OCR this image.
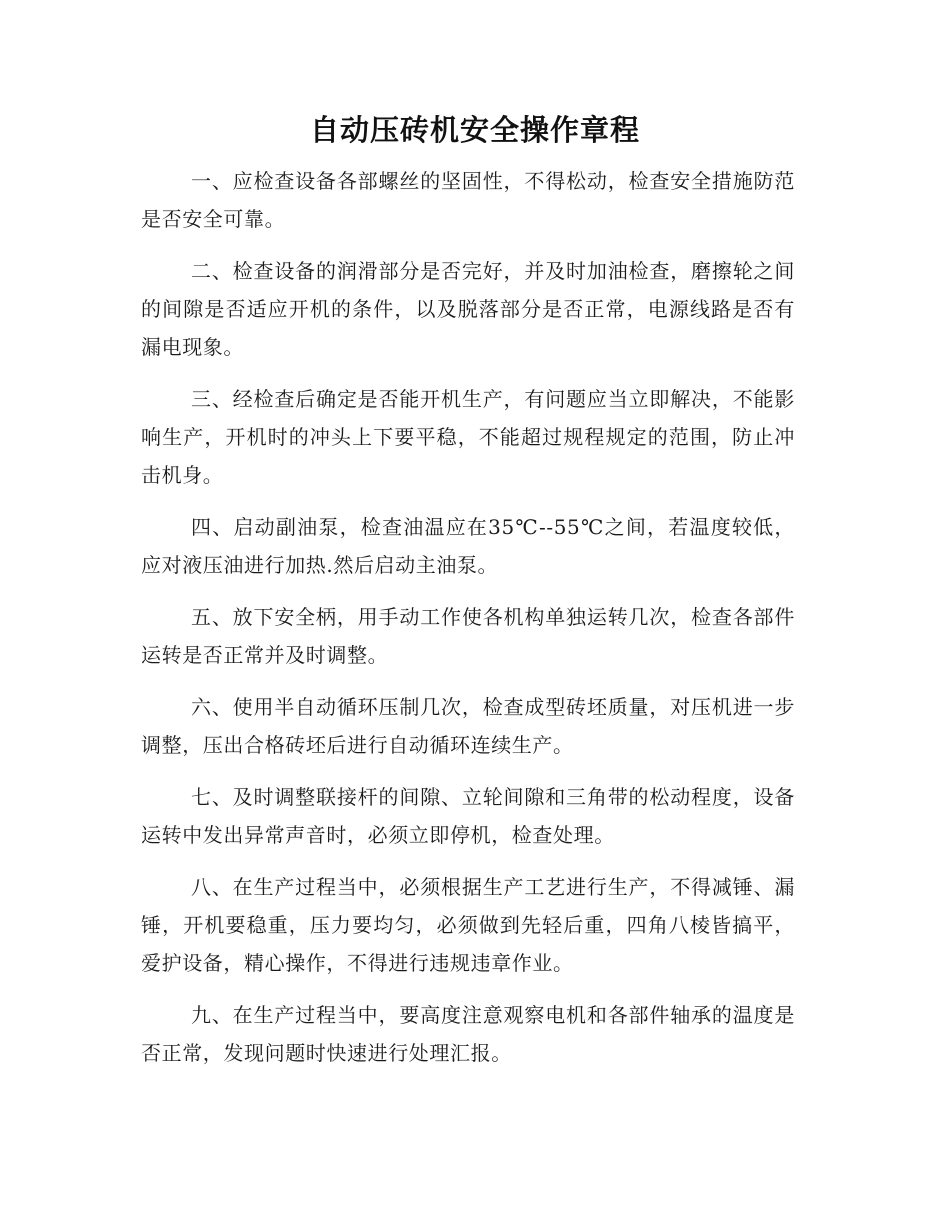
自动压砖机安全操作章程

一、应检查设备各部螺丝的坚固性，不得松动，检查安全措施防范是否安全可靠。

二、检查设备的润滑部分是否完好，并及时加油检查，磨擦轮之间的间隙是否适应开机的条件，以及脱落部分是否正常，电源线路是否有漏电现象。

三、经检查后确定是否能开机生产，有问题应当立即解决，不能影响生产，开机时的冲头上下要平稳，不能超过规程规定的范围，防止冲击机身。

四、启动副油泵，检查油温应在35℃--55℃之间，若温度较低，应对液压油进行加热.然后启动主油泵。

五、放下安全柄，用手动工作使各机构单独运转几次，检查各部件运转是否正常并及时调整。

六、使用半自动循环压制几次，检查成型砖坯质量，对压机进一步调整，压出合格砖坯后进行自动循环连续生产。

七、及时调整联接杆的间隙、立轮间隙和三角带的松动程度，设备运转中发出异常声音时，必须立即停机，检查处理。

八、在生产过程当中，必须根据生产工艺进行生产，不得减锤、漏锤，开机要稳重，压力要均匀，必须做到先轻后重，四角八棱皆搞平，爱护设备，精心操作，不得进行违规违章作业。

九、在生产过程当中，要高度注意观察电机和各部件轴承的温度是否正常，发现问题时快速进行处理汇报。
